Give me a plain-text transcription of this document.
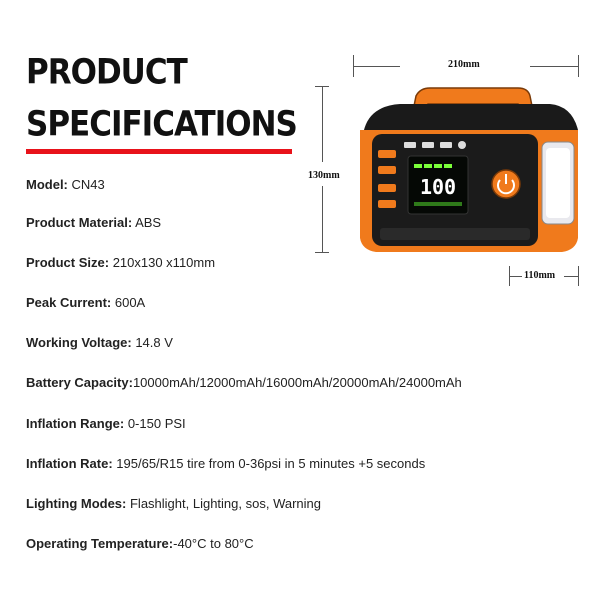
PRODUCT
SPECIFICATIONS
Model: CN43
Product Material: ABS
Product Size: 210x130 x110mm
Peak Current: 600A
Working Voltage: 14.8 V
Battery Capacity:10000mAh/12000mAh/16000mAh/20000mAh/24000mAh
Inflation Range: 0-150 PSI
Inflation Rate: 195/65/R15 tire from 0-36psi in 5 minutes +5 seconds
Lighting Modes: Flashlight, Lighting, sos, Warning
Operating Temperature:-40°C to 80°C
210mm
130mm
110mm
100
